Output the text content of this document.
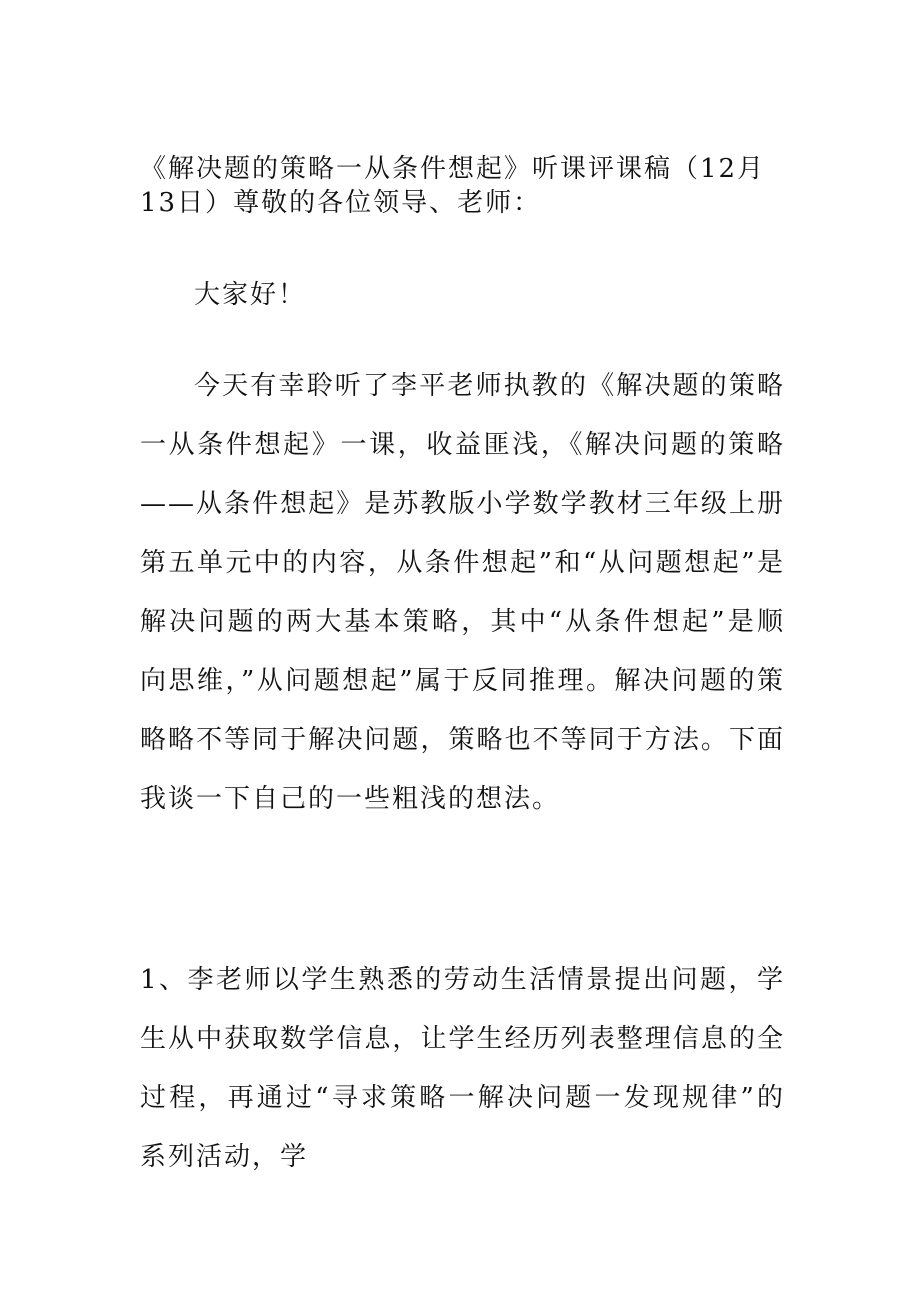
《解决题的策略一从条件想起》听课评课稿（12月13日）尊敬的各位领导、老师：
大家好！
今天有幸聆听了李平老师执教的《解决题的策略一从条件想起》一课，收益匪浅，《解决问题的策略——从条件想起》是苏教版小学数学教材三年级上册第五单元中的内容，从条件想起”和“从问题想起”是解决问题的两大基本策略，其中“从条件想起”是顺向思维，”从问题想起”属于反同推理。解决问题的策略略不等同于解决问题，策略也不等同于方法。下面我谈一下自己的一些粗浅的想法。
1、李老师以学生熟悉的劳动生活情景提出问题，学生从中获取数学信息，让学生经历列表整理信息的全过程，再通过“寻求策略一解决问题一发现规律”的系列活动，学
